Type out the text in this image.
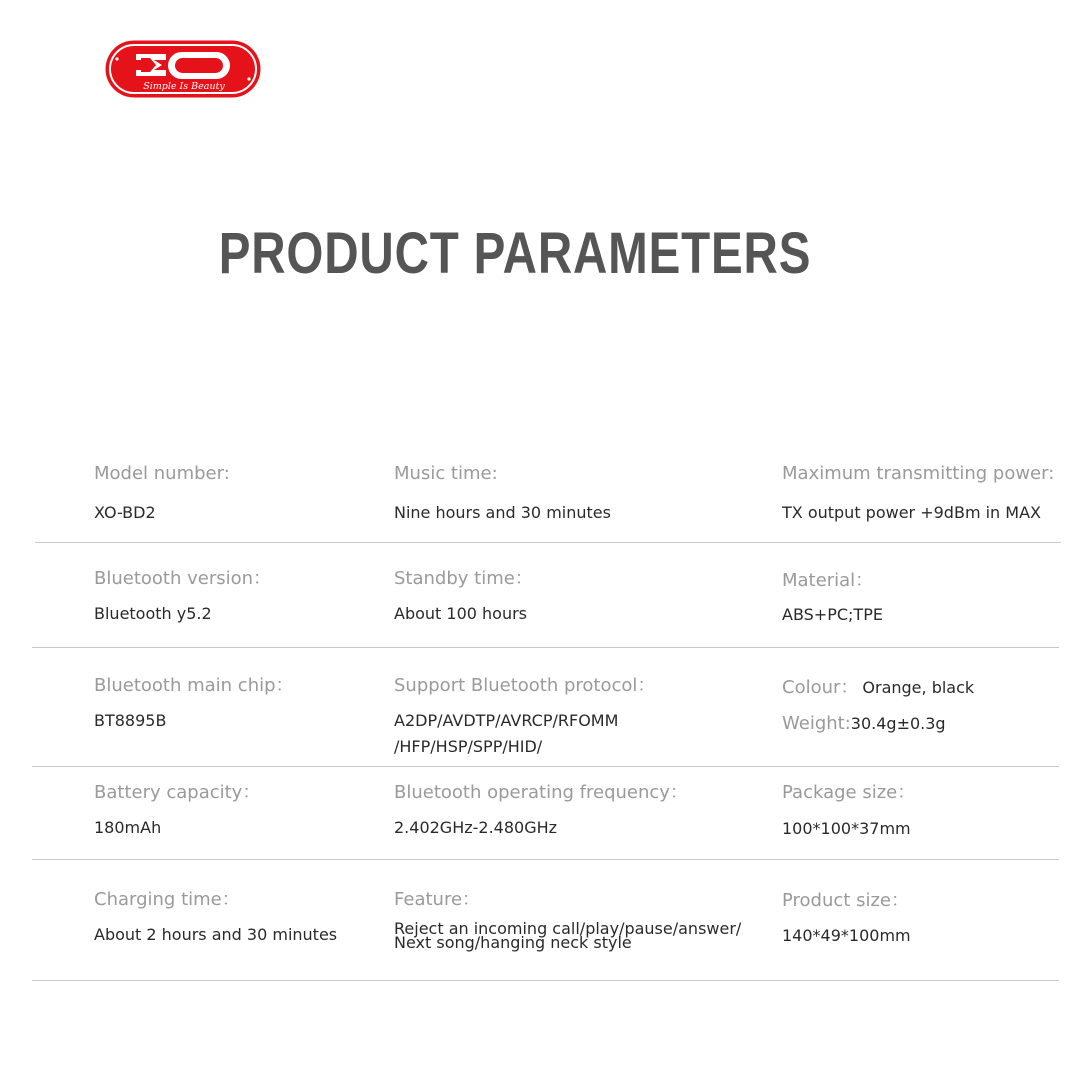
Simple Is Beauty
PRODUCT PARAMETERS
Model number:
XO-BD2
Music time:
Nine hours and 30 minutes
Maximum transmitting power:
TX output power +9dBm in MAX
Bluetooth version：
Bluetooth y5.2
Standby time：
About 100 hours
Material：
ABS+PC;TPE
Bluetooth main chip：
BT8895B
Support Bluetooth protocol：
A2DP/AVDTP/AVRCP/RFOMM
/HFP/HSP/SPP/HID/
Colour： Orange, black
Weight:30.4g±0.3g
Battery capacity：
180mAh
Bluetooth operating frequency：
2.402GHz-2.480GHz
Package size：
100*100*37mm
Charging time：
About 2 hours and 30 minutes
Feature：
Reject an incoming call/play/pause/answer/
Next song/hanging neck style
Product size：
140*49*100mm
